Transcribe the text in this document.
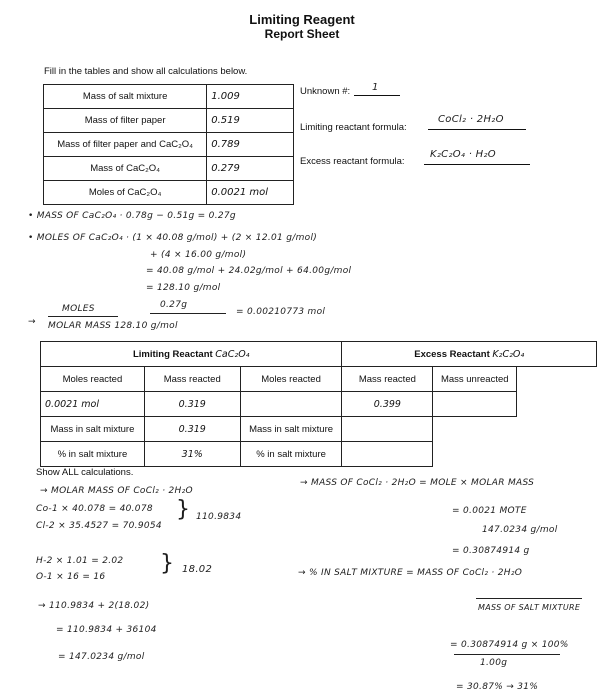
Limiting Reagent
Report Sheet
Fill in the tables and show all calculations below.
Mass of salt mixture	1.009
Mass of filter paper	0.519
Mass of filter paper and CaC₂O₄	0.789
Mass of CaC₂O₄	0.279
Moles of CaC₂O₄	0.0021 mol
Unknown #: 1
Limiting reactant formula:
CoCl₂ · 2H₂O
Excess reactant formula:
K₂C₂O₄ · H₂O
• MASS OF CaC₂O₄ · 0.78g − 0.51g = 0.27g
• MOLES OF CaC₂O₄ · (1 × 40.08 g/mol) + (2 × 12.01 g/mol)
+ (4 × 16.00 g/mol)
= 40.08 g/mol + 24.02g/mol + 64.00g/mol
= 128.10 g/mol
MOLES	0.27g
= 0.00210773 mol
→ MOLAR MASS 128.10 g/mol
Limiting Reactant CaC₂O₄			Excess Reactant K₂C₂O₄		
Moles reacted	Mass reacted	Moles reacted	Mass reacted	Mass unreacted	
0.0021 mol	0.319		0.399		
Mass in salt mixture	0.319	Mass in salt mixture			
% in salt mixture	31%	% in salt mixture			
Show ALL calculations.
→ MOLAR MASS OF CoCl₂ · 2H₂O
Co-1 × 40.078 = 40.078
Cl-2 × 35.4527 = 70.9054
} 110.9834
H-2 × 1.01 = 2.02
O-1 × 16 = 16
} 18.02
→ 110.9834 + 2(18.02)
= 110.9834 + 36104
= 147.0234 g/mol
→ MASS OF CoCl₂ · 2H₂O = MOLE × MOLAR MASS
= 0.0021 MOTE
147.0234 g/mol
= 0.30874914 g
→ % IN SALT MIXTURE = MASS OF CoCl₂ · 2H₂O
MASS OF SALT MIXTURE
= 0.30874914 g × 100%
1.00g
= 30.87% → 31%
